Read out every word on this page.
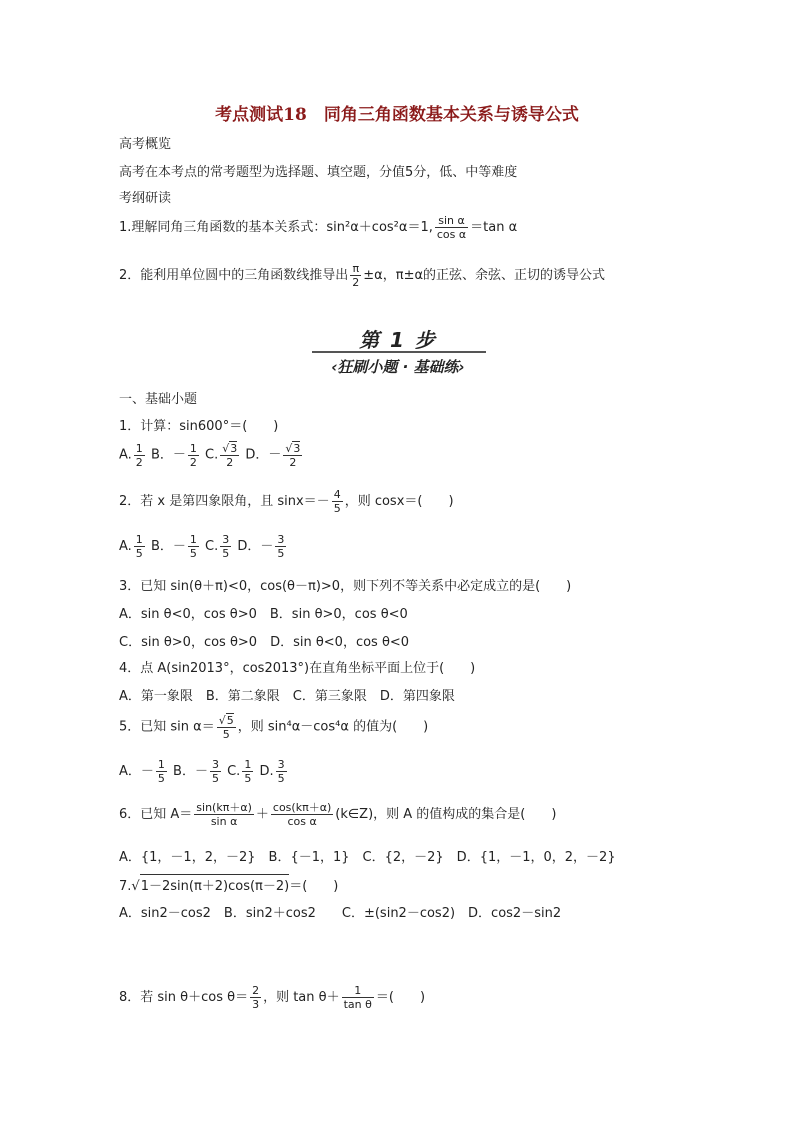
考点测试18　同角三角函数基本关系与诱导公式
高考概览
高考在本考点的常考题型为选择题、填空题，分值5分，低、中等难度
考纲研读
1.理解同角三角函数的基本关系式：sin²α＋cos²α＝1, $\frac{\text{sin α}}{\text{cos α}} =\tan$ α
2．能利用单位圆中的三角函数线推导出 $\frac{\pi}{2} \pm\alpha$，π±α的正弦、余弦、正切的诱导公式
第 1 步
‹狂刷小题 · 基础练›
一、基础小题
1．计算：sin600°＝(　　)
A. $\frac{1}{2}$ B．－ $\frac{1}{2} C$. $\frac{√3}{2}$ D．－ $\frac{√3}{2}$
2．若 x 是第四象限角，且 $\sin x=- \frac{4}{5}$ ，则 cosx＝(　　)
A. $\frac{1}{5}$ B．－ $\frac{1}{5} C$. $\frac{3}{5}$ D．－ $\frac{3}{5}$
3．已知 sin(θ＋π)<0，cos(θ－π)>0，则下列不等关系中必定成立的是(　　)
A．sin θ<0，cos θ>0　B．sin θ>0，cos θ<0
C．sin θ>0，cos θ>0　D．sin θ<0，cos θ<0
4．点 A(sin2013°，cos2013°)在直角坐标平面上位于(　　)
A．第一象限　B．第二象限　C．第三象限　D．第四象限
5．已知 $\sin \alpha= \frac{√5}{5}$ ，则 sin⁴α－cos⁴α 的值为(　　)
A．－ $\frac{1}{5}$ B．－ $\frac{3}{5} C$. $\frac{1}{5} D$. $\frac{3}{5}$
6．已知 $A= \frac{\sin(k\pi+\alpha)}{\text{sin α}} + \frac{\cos(k\pi+\alpha)}{\text{cos α}}$ (k∈Z)，则 A 的值构成的集合是(　　)
A．{1，－1，2，－2}　B．{－1，1}　C．{2，－2}　D．{1，－1，0，2，－2}
7.√1－2sin(π＋2)cos(π－2)＝(　　)
A．sin2－cos2　B．sin2＋cos2　　C．±(sin2－cos2)　D．cos2－sin2
8．若 sin θ＋cos $\theta= \frac{2}{3}$ ，则 $\tan \theta+ \frac{1}{\text{tan θ}}$ ＝(　　)
